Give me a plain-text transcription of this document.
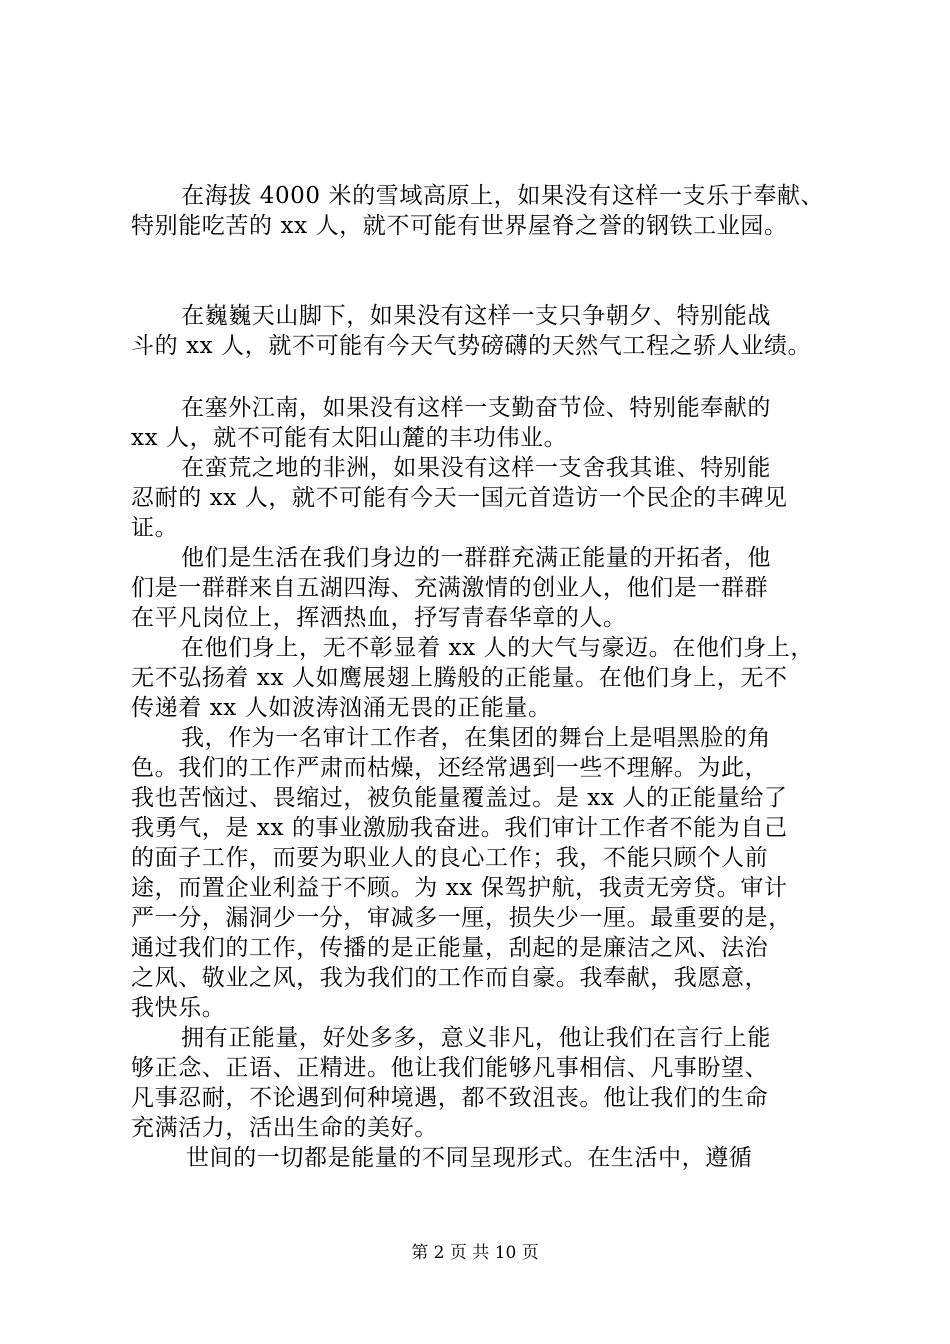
在海拔 4000 米的雪域高原上，如果没有这样一支乐于奉献、
特别能吃苦的 xx 人，就不可能有世界屋脊之誉的钢铁工业园。
在巍巍天山脚下，如果没有这样一支只争朝夕、特别能战
斗的 xx 人，就不可能有今天气势磅礴的天然气工程之骄人业绩。
在塞外江南，如果没有这样一支勤奋节俭、特别能奉献的
xx 人，就不可能有太阳山麓的丰功伟业。
在蛮荒之地的非洲，如果没有这样一支舍我其谁、特别能
忍耐的 xx 人，就不可能有今天一国元首造访一个民企的丰碑见
证。
他们是生活在我们身边的一群群充满正能量的开拓者，他
们是一群群来自五湖四海、充满激情的创业人，他们是一群群
在平凡岗位上，挥洒热血，抒写青春华章的人。
在他们身上，无不彰显着 xx 人的大气与豪迈。在他们身上，
无不弘扬着 xx 人如鹰展翅上腾般的正能量。在他们身上，无不
传递着 xx 人如波涛汹涌无畏的正能量。
我，作为一名审计工作者，在集团的舞台上是唱黑脸的角
色。我们的工作严肃而枯燥，还经常遇到一些不理解。为此，
我也苦恼过、畏缩过，被负能量覆盖过。是 xx 人的正能量给了
我勇气，是 xx 的事业激励我奋进。我们审计工作者不能为自己
的面子工作，而要为职业人的良心工作；我，不能只顾个人前
途，而置企业利益于不顾。为 xx 保驾护航，我责无旁贷。审计
严一分，漏洞少一分，审减多一厘，损失少一厘。最重要的是，
通过我们的工作，传播的是正能量，刮起的是廉洁之风、法治
之风、敬业之风，我为我们的工作而自豪。我奉献，我愿意，
我快乐。
拥有正能量，好处多多，意义非凡，他让我们在言行上能
够正念、正语、正精进。他让我们能够凡事相信、凡事盼望、
凡事忍耐，不论遇到何种境遇，都不致沮丧。他让我们的生命
充满活力，活出生命的美好。
世间的一切都是能量的不同呈现形式。在生活中，遵循
第 2 页 共 10 页
